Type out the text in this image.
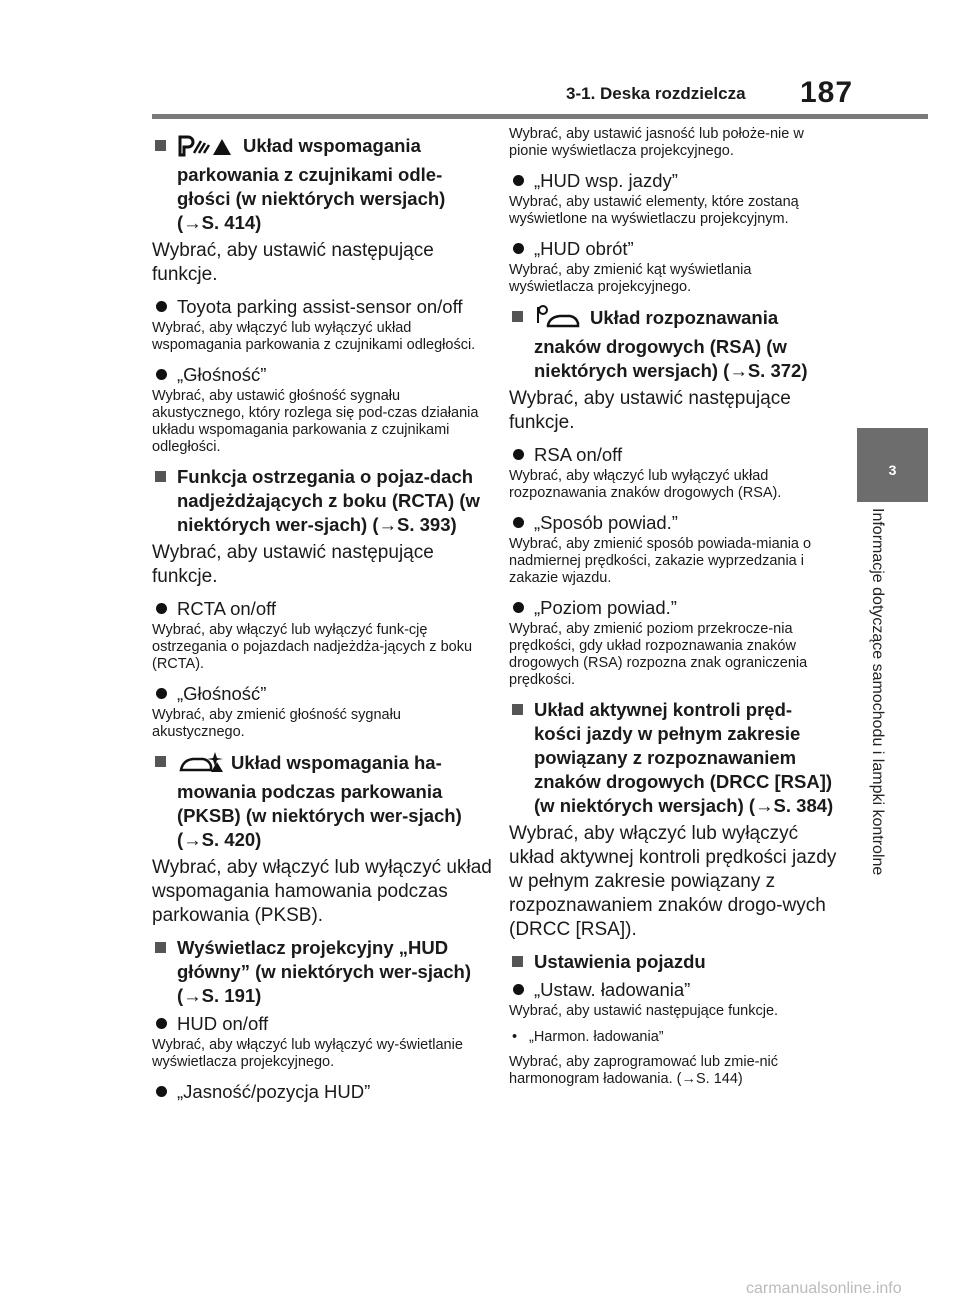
3-1. Deska rozdzielcza 187
3
Informacje dotyczące samochodu i lampki kontrolne
Układ wspomagania parkowania z czujnikami odle-głości (w niektórych wersjach) (→S. 414)

Wybrać, aby ustawić następujące funkcje.

Toyota parking assist-sensor on/off

Wybrać, aby włączyć lub wyłączyć układ wspomagania parkowania z czujnikami odległości.

„Głośność”

Wybrać, aby ustawić głośność sygnału akustycznego, który rozlega się pod-czas działania układu wspomagania parkowania z czujnikami odległości.

Funkcja ostrzegania o pojaz-dach nadjeżdżających z boku (RCTA) (w niektórych wer-sjach) (→S. 393)

Wybrać, aby ustawić następujące funkcje.

RCTA on/off

Wybrać, aby włączyć lub wyłączyć funk-cję ostrzegania o pojazdach nadjeżdża-jących z boku (RCTA).

„Głośność”

Wybrać, aby zmienić głośność sygnału akustycznego.

Układ wspomagania ha-mowania podczas parkowania (PKSB) (w niektórych wer-sjach) (→S. 420)

Wybrać, aby włączyć lub wyłączyć układ wspomagania hamowania podczas parkowania (PKSB).

Wyświetlacz projekcyjny „HUD główny” (w niektórych wer-sjach) (→S. 191)
HUD on/off

Wybrać, aby włączyć lub wyłączyć wy-świetlanie wyświetlacza projekcyjnego.

„Jasność/pozycja HUD”

Wybrać, aby ustawić jasność lub położe-nie w pionie wyświetlacza projekcyjnego.

„HUD wsp. jazdy”

Wybrać, aby ustawić elementy, które zostaną wyświetlone na wyświetlaczu projekcyjnym.

„HUD obrót”

Wybrać, aby zmienić kąt wyświetlania wyświetlacza projekcyjnego.

Układ rozpoznawania znaków drogowych (RSA) (w niektórych wersjach) (→S. 372)

Wybrać, aby ustawić następujące funkcje.

RSA on/off

Wybrać, aby włączyć lub wyłączyć układ rozpoznawania znaków drogowych (RSA).

„Sposób powiad.”

Wybrać, aby zmienić sposób powiada-miania o nadmiernej prędkości, zakazie wyprzedzania i zakazie wjazdu.

„Poziom powiad.”

Wybrać, aby zmienić poziom przekrocze-nia prędkości, gdy układ rozpoznawania znaków drogowych (RSA) rozpozna znak ograniczenia prędkości.

Układ aktywnej kontroli pręd-kości jazdy w pełnym zakresie powiązany z rozpoznawaniem znaków drogowych (DRCC [RSA]) (w niektórych wersjach) (→S. 384)

Wybrać, aby włączyć lub wyłączyć układ aktywnej kontroli prędkości jazdy w pełnym zakresie powiązany z rozpoznawaniem znaków drogo-wych (DRCC [RSA]).

Ustawienia pojazdu
„Ustaw. ładowania”

Wybrać, aby ustawić następujące funkcje.

• „Harmon. ładowania”

Wybrać, aby zaprogramować lub zmie-nić harmonogram ładowania. (→S. 144)

carmanualsonline.info
